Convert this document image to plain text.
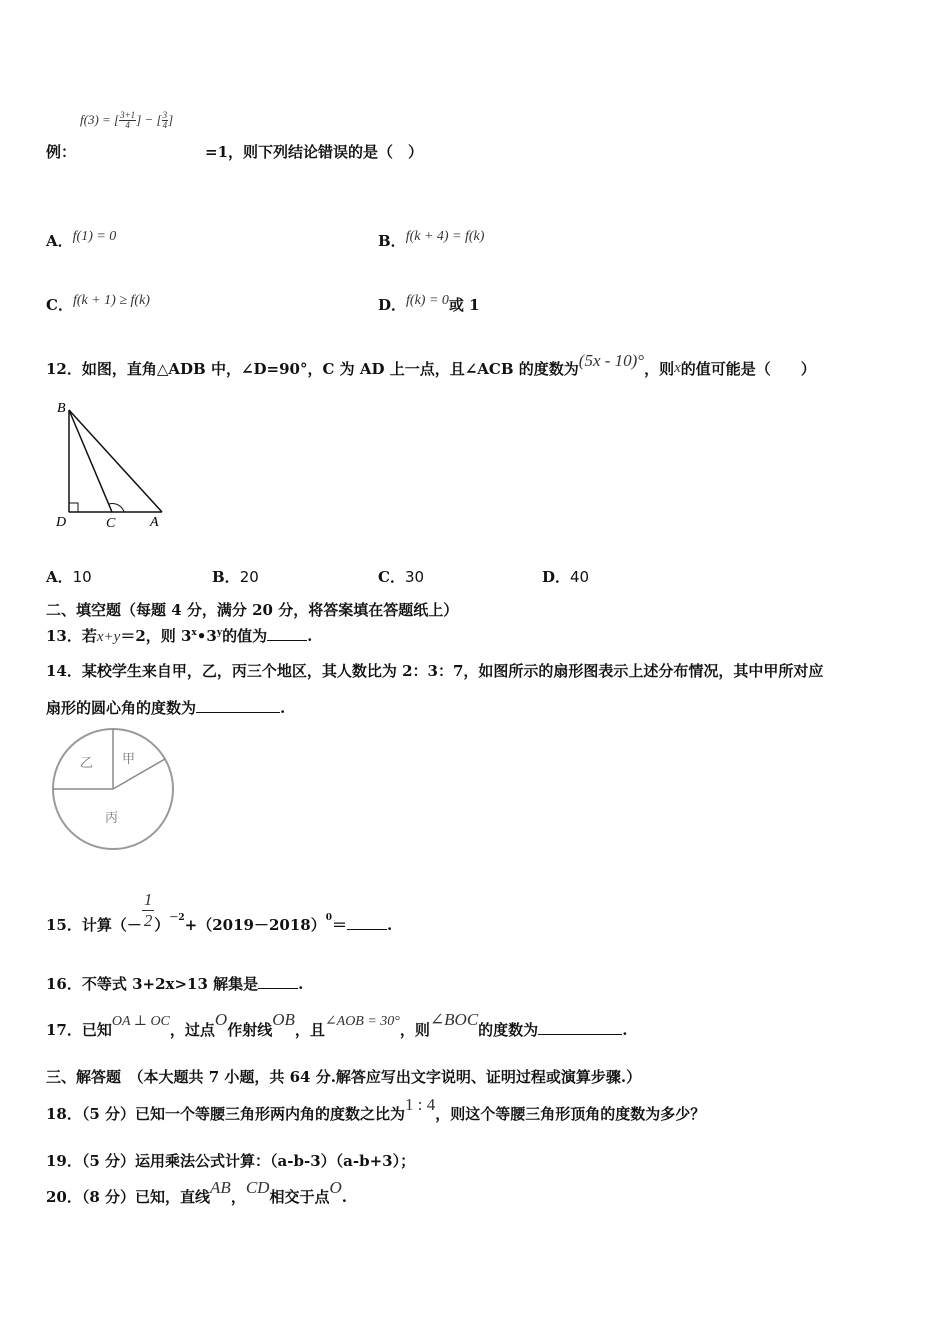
f(3) = [ $\frac{3+1}{4}$ ] − [ $\frac{3}{4}$ ]
例：	=1，则下列结论错误的是（　）
A．f(1) = 0	B．f(k + 4) = f(k)
C．f(k + 1) ≥ f(k)	D．f(k) = 0或 1
12．如图，直角△ADB 中，∠D=90°，C 为 AD 上一点，且∠ACB 的度数为(5x - 10)°，则x的值可能是（　　）
B
D	C A
A．10	B．20	C．30	D．40
二、填空题（每题 4 分，满分 20 分，将答案填在答题纸上）
13．若x+y＝2，则 3$^x$•3$^y$的值为	.
14．某校学生来自甲，乙，丙三个地区，其人数比为 2：3：7，如图所示的扇形图表示上述分布情况，其中甲所对应
扇形的圆心角的度数为	.
乙 甲
丙
15．计算（－ $\frac{1}{2} )^{-2}+(2019-2018)^0=$	.
16．不等式 3+2x>13 解集是	.
17．已知OA ⊥ OC，过点O作射线OB，且∠AOB = 30°，则∠BOC的度数为	.
三、解答题　（本大题共 7 小题，共 64 分.解答应写出文字说明、证明过程或演算步骤.）
18．（5 分）已知一个等腰三角形两内角的度数之比为1 : 4，则这个等腰三角形顶角的度数为多少？
19．（5 分）运用乘法公式计算：（a-b-3）（a-b+3）；
20．（8 分）已知，直线AB，CD相交于点O.
